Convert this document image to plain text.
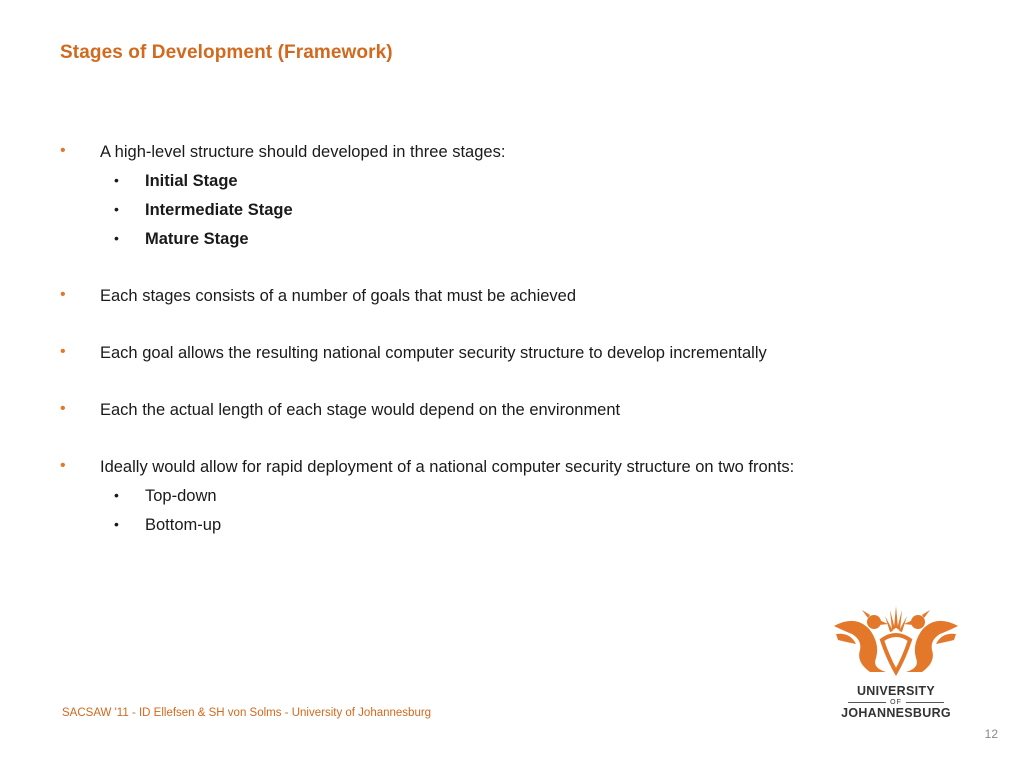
Stages of Development (Framework)
• A high-level structure should developed in three stages:
• Initial Stage
• Intermediate Stage
• Mature Stage
• Each stages consists of a number of goals that must be achieved
• Each goal allows the resulting national computer security structure to develop incrementally
• Each the actual length of each stage would depend on the environment
• Ideally would allow for rapid deployment of a national computer security structure on two fronts:
• Top-down
• Bottom-up
SACSAW '11 - ID Ellefsen & SH von Solms - University of Johannesburg
UNIVERSITY
OF
JOHANNESBURG
12
